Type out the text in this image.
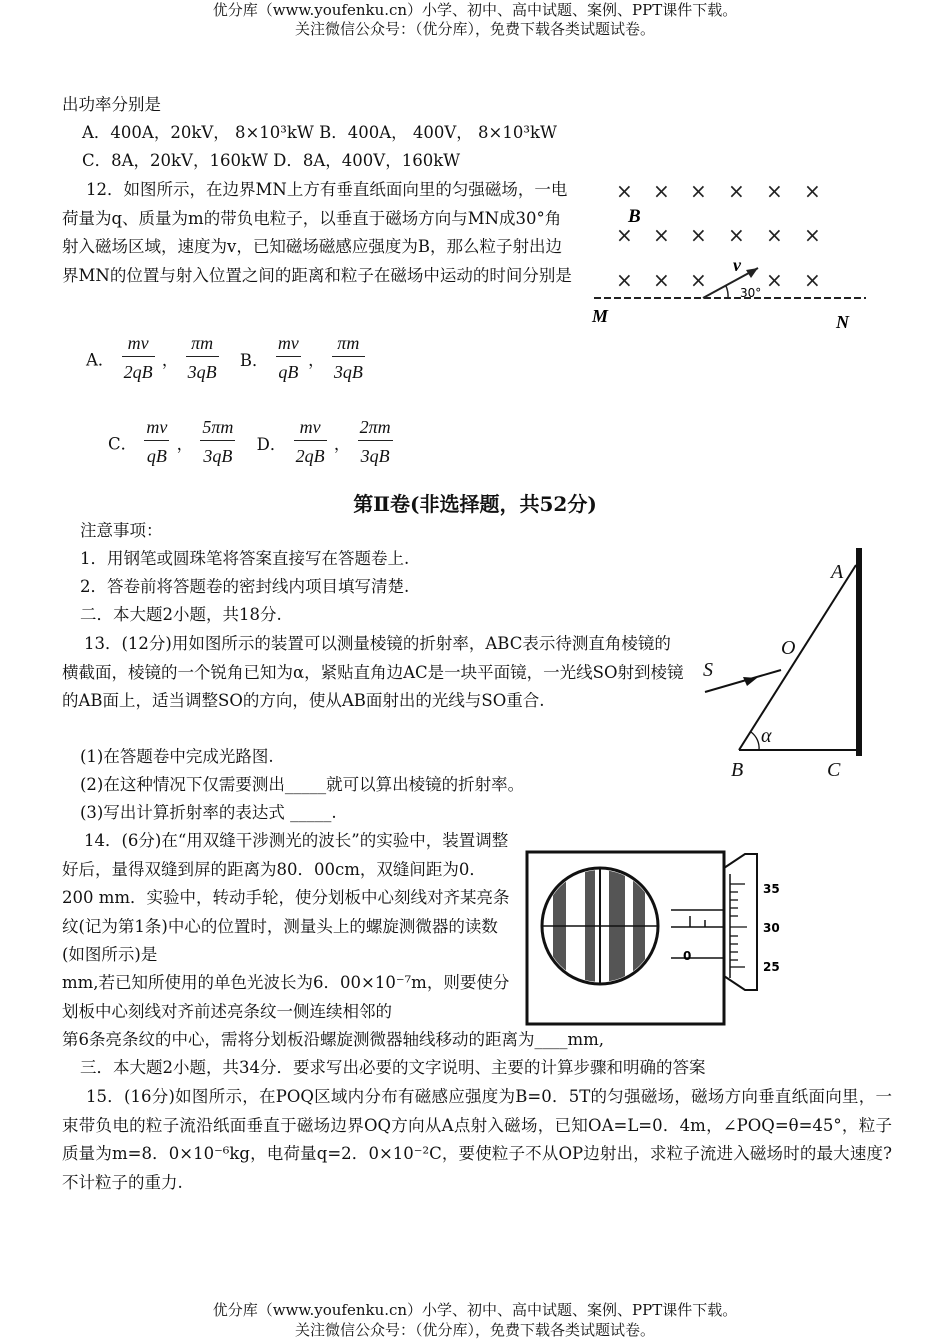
优分库（www.youfenku.cn）小学、初中、高中试题、案例、PPT课件下载。
关注微信公众号：（优分库），免费下载各类试题试卷。
出功率分别是
A．400A，20kV， 8×10³kW B．400A， 400V， 8×10³kW
C．8A，20kV，160kW D．8A，400V，160kW
12．如图所示，在边界MN上方有垂直纸面向里的匀强磁场，一电荷量为q、质量为m的带负电粒子，以垂直于磁场方向与MN成30°角射入磁场区域，速度为v，已知磁场磁感应强度为B，那么粒子射出边界MN的位置与射入位置之间的距离和粒子在磁场中运动的时间分别是
× × × × × ×
× × × × × ×
× × ×	× ×
B
v
30°
M	N
A． $\frac{mv}{2qB}$ ， $\frac{\pi m}{3qB}$ B． $\frac{mv}{qB}$ ， $\frac{\pi m}{3qB}$
C． $\frac{mv}{qB}$ ， $\frac{5\pi m}{3qB}$ D． $\frac{mv}{2qB}$ ， $\frac{2\pi m}{3qB}$
第Ⅱ卷(非选择题，共52分)
注意事项：
1．用钢笔或圆珠笔将答案直接写在答题卷上.
2．答卷前将答题卷的密封线内项目填写清楚.
二．本大题2小题，共18分.
13．(12分)用如图所示的装置可以测量棱镜的折射率，ABC表示待测直角棱镜的横截面，棱镜的一个锐角已知为α，紧贴直角边AC是一块平面镜，一光线SO射到棱镜的AB面上，适当调整SO的方向，使从AB面射出的光线与SO重合.
(1)在答题卷中完成光路图.
(2)在这种情况下仅需要测出_____就可以算出棱镜的折射率。
(3)写出计算折射率的表达式 _____.
A
O
S
α
B	C
14．(6分)在“用双缝干涉测光的波长”的实验中，装置调整好后，量得双缝到屏的距离为80．00cm，双缝间距为0．200 mm．实验中，转动手轮，使分划板中心刻线对齐某亮条纹(记为第1条)中心的位置时，测量头上的螺旋测微器的读数(如图所示)是
mm,若已知所使用的单色光波长为6．00×10⁻⁷m，则要使分划板中心刻线对齐前述亮条纹一侧连续相邻的
第6条亮条纹的中心，需将分划板沿螺旋测微器轴线移动的距离为____mm,
0
35
30
25
三．本大题2小题，共34分．要求写出必要的文字说明、主要的计算步骤和明确的答案
15．(16分)如图所示，在POQ区域内分布有磁感应强度为B=0．5T的匀强磁场，磁场方向垂直纸面向里，一束带负电的粒子流沿纸面垂直于磁场边界OQ方向从A点射入磁场，已知OA=L=0．4m，∠POQ=θ=45°，粒子质量为m=8．0×10⁻⁶kg，电荷量q=2．0×10⁻²C，要使粒子不从OP边射出，求粒子流进入磁场时的最大速度?不计粒子的重力.
优分库（www.youfenku.cn）小学、初中、高中试题、案例、PPT课件下载。
关注微信公众号：（优分库），免费下载各类试题试卷。
